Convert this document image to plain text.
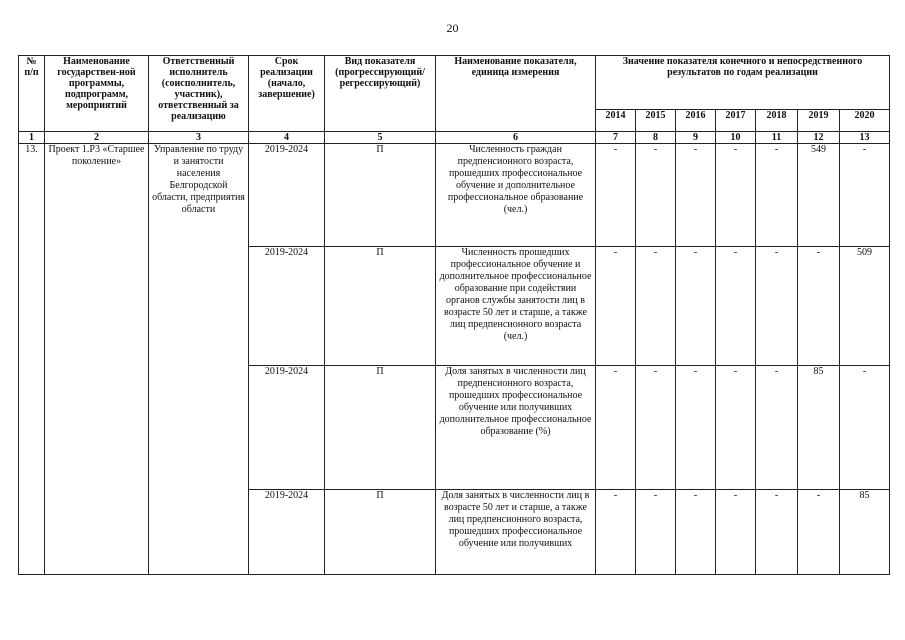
20
№ п/п	Наименование государствен-ной программы, подпрограмм, мероприятий	Ответственный исполнитель (соисполнитель, участник), ответственный за реализацию	Срок реализации (начало, завершение)	Вид показателя (прогрессирующий/ регрессирующий)	Наименование показателя, единица измерения	Значение показателя конечного и непосредственного результатов по годам реализации						
						2014	2015	2016	2017	2018	2019	2020
1	2	3	4	5	6	7	8	9	10	11	12	13
13.	Проект 1.Р3 «Старшее поколение»	Управление по труду и занятости населения Белгородской области, предприятия области	2019-2024	П	Численность граждан предпенсионного возраста, прошедших профессиональное обучение и дополнительное профессиональное образование (чел.)	-	-	-	-	-	549	-
			2019-2024	П	Численность прошедших профессиональное обучение и дополнительное профессиональное образование при содействии органов службы занятости лиц в возрасте 50 лет и старше, а также лиц предпенсионного возраста (чел.)	-	-	-	-	-	-	509
			2019-2024	П	Доля занятых в численности лиц предпенсионного возраста, прошедших профессиональное обучение или получивших дополнительное профессиональное образование (%)	-	-	-	-	-	85	-
			2019-2024	П	Доля занятых в численности лиц в возрасте 50 лет и старше, а также лиц предпенсионного возраста, прошедших профессиональное обучение или получивших	-	-	-	-	-	-	85
